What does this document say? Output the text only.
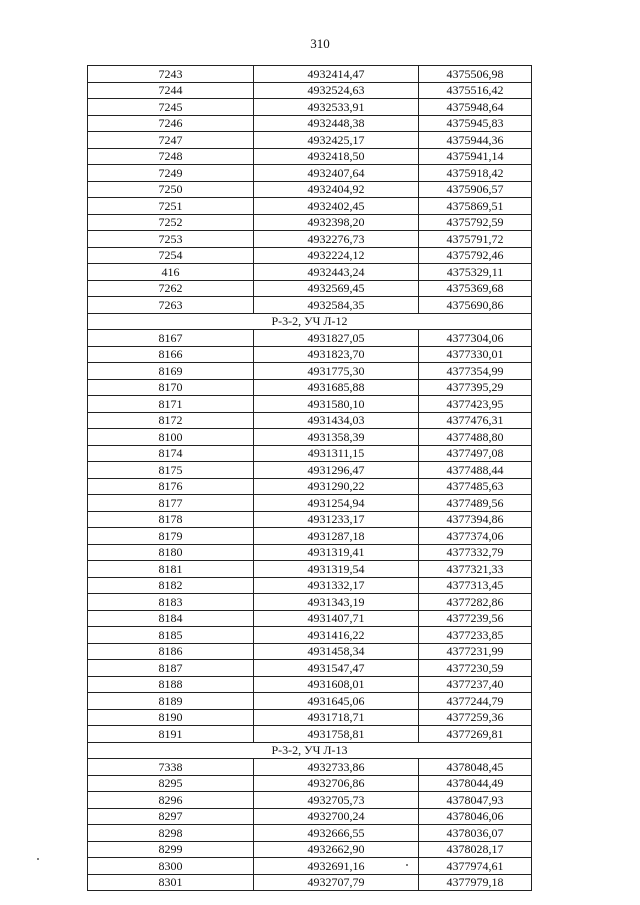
310
7243	4932414,47	4375506,98
7244	4932524,63	4375516,42
7245	4932533,91	4375948,64
7246	4932448,38	4375945,83
7247	4932425,17	4375944,36
7248	4932418,50	4375941,14
7249	4932407,64	4375918,42
7250	4932404,92	4375906,57
7251	4932402,45	4375869,51
7252	4932398,20	4375792,59
7253	4932276,73	4375791,72
7254	4932224,12	4375792,46
416	4932443,24	4375329,11
7262	4932569,45	4375369,68
7263	4932584,35	4375690,86
Р-3-2, УЧ Л-12		
8167	4931827,05	4377304,06
8166	4931823,70	4377330,01
8169	4931775,30	4377354,99
8170	4931685,88	4377395,29
8171	4931580,10	4377423,95
8172	4931434,03	4377476,31
8100	4931358,39	4377488,80
8174	4931311,15	4377497,08
8175	4931296,47	4377488,44
8176	4931290,22	4377485,63
8177	4931254,94	4377489,56
8178	4931233,17	4377394,86
8179	4931287,18	4377374,06
8180	4931319,41	4377332,79
8181	4931319,54	4377321,33
8182	4931332,17	4377313,45
8183	4931343,19	4377282,86
8184	4931407,71	4377239,56
8185	4931416,22	4377233,85
8186	4931458,34	4377231,99
8187	4931547,47	4377230,59
8188	4931608,01	4377237,40
8189	4931645,06	4377244,79
8190	4931718,71	4377259,36
8191	4931758,81	4377269,81
Р-3-2, УЧ Л-13		
7338	4932733,86	4378048,45
8295	4932706,86	4378044,49
8296	4932705,73	4378047,93
8297	4932700,24	4378046,06
8298	4932666,55	4378036,07
8299	4932662,90	4378028,17
8300	4932691,16	4377974,61
8301	4932707,79	4377979,18
